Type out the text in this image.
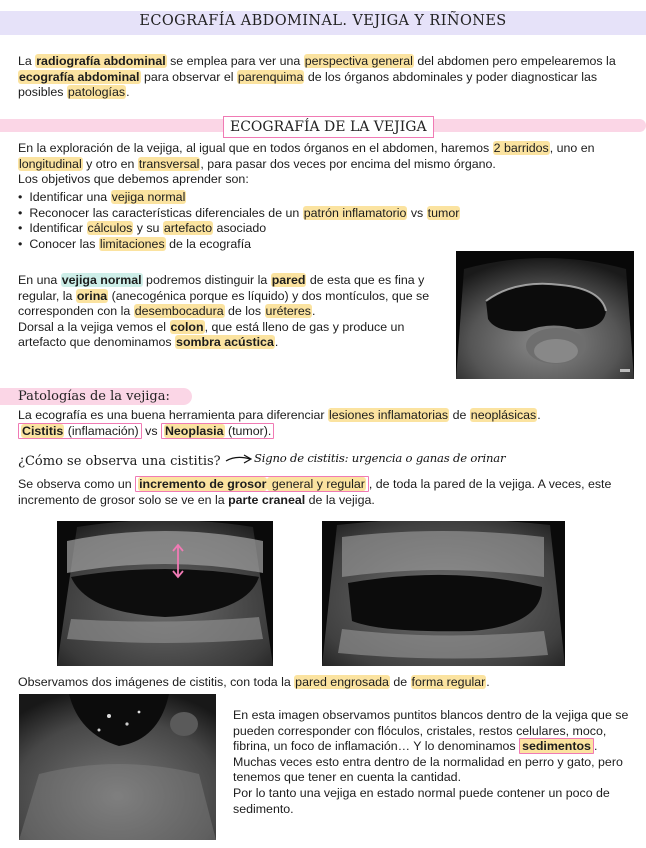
ECOGRAFÍA ABDOMINAL. VEJIGA Y RIÑONES
La radiografía abdominal se emplea para ver una perspectiva general del abdomen pero empelearemos la ecografía abdominal para observar el parenquima de los órganos abdominales y poder diagnosticar las posibles patologías.
ECOGRAFÍA DE LA VEJIGA
En la exploración de la vejiga, al igual que en todos órganos en el abdomen, haremos 2 barridos, uno en longitudinal y otro en transversal, para pasar dos veces por encima del mismo órgano.
Los objetivos que debemos aprender son:
• Identificar una vejiga normal
• Reconocer las características diferenciales de un patrón inflamatorio vs tumor
• Identificar cálculos y su artefacto asociado
• Conocer las limitaciones de la ecografía
En una vejiga normal podremos distinguir la pared de esta que es fina y regular, la orina (anecogénica porque es líquido) y dos montículos, que se corresponden con la desembocadura de los uréteres.
Dorsal a la vejiga vemos el colon, que está lleno de gas y produce un artefacto que denominamos sombra acústica.
Patologías de la vejiga:
La ecografía es una buena herramienta para diferenciar lesiones inflamatorias de neoplásicas.
Cistitis (inflamación) vs Neoplasia (tumor).
¿Cómo se observa una cistitis?	Signo de cistitis: urgencia o ganas de orinar
Se observa como un incremento de grosor general y regular , de toda la pared de la vejiga. A veces, este incremento de grosor solo se ve en la parte craneal de la vejiga.
Observamos dos imágenes de cistitis, con toda la pared engrosada de forma regular.
En esta imagen observamos puntitos blancos dentro de la vejiga que se pueden corresponder con flóculos, cristales, restos celulares, moco, fibrina, un foco de inflamación… Y lo denominamos sedimentos . Muchas veces esto entra dentro de la normalidad en perro y gato, pero tenemos que tener en cuenta la cantidad.
Por lo tanto una vejiga en estado normal puede contener un poco de sedimento.
